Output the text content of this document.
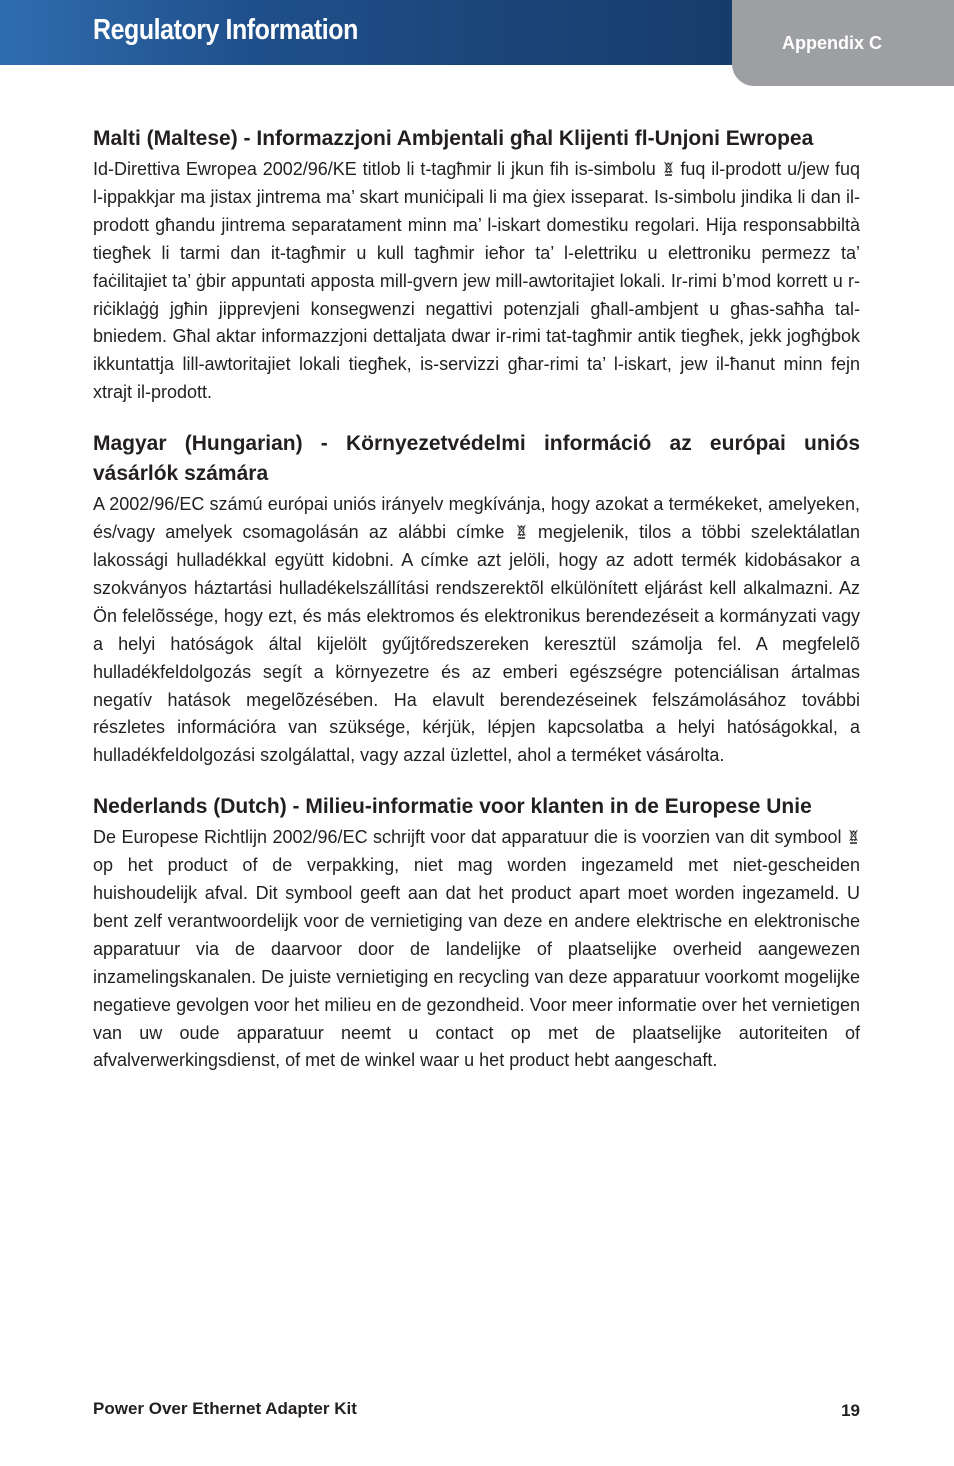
Regulatory Information	Appendix C
Malti (Maltese) - Informazzjoni Ambjentali għal Klijenti fl-Unjoni Ewropea

Id-Direttiva Ewropea 2002/96/KE titlob li t-tagħmir li jkun fih is-simbolu fuq il-prodott u/jew fuq l-ippakkjar ma jistax jintrema ma’ skart muniċipali li ma ġiex isseparat. Is-simbolu jindika li dan il-prodott għandu jintrema separatament minn ma’ l-iskart domestiku regolari. Hija responsabbiltà tiegħek li tarmi dan it-tagħmir u kull tagħmir ieħor ta’ l-elettriku u elettroniku permezz ta’ faċilitajiet ta’ ġbir appuntati apposta mill-gvern jew mill-awtoritajiet lokali. Ir-rimi b’mod korrett u r-riċiklaġġ jgħin jipprevjeni konsegwenzi negattivi potenzjali għall-ambjent u għas-saħħa tal-bniedem. Għal aktar informazzjoni dettaljata dwar ir-rimi tat-tagħmir antik tiegħek, jekk jogħġbok ikkuntattja lill-awtoritajiet lokali tiegħek, is-servizzi għar-rimi ta’ l-iskart, jew il-ħanut minn fejn xtrajt il-prodott.

Magyar (Hungarian) - Környezetvédelmi információ az európai uniós vásárlók számára

A 2002/96/EC számú európai uniós irányelv megkívánja, hogy azokat a termékeket, amelyeken, és/vagy amelyek csomagolásán az alábbi címke megjelenik, tilos a többi szelektálatlan lakossági hulladékkal együtt kidobni. A címke azt jelöli, hogy az adott termék kidobásakor a szokványos háztartási hulladékelszállítási rendszerektõl elkülönített eljárást kell alkalmazni. Az Ön felelõssége, hogy ezt, és más elektromos és elektronikus berendezéseit a kormányzati vagy a helyi hatóságok által kijelölt gyűjtőredszereken keresztül számolja fel. A megfelelõ hulladékfeldolgozás segít a környezetre és az emberi egészségre potenciálisan ártalmas negatív hatások megelõzésében. Ha elavult berendezéseinek felszámolásához további részletes információra van szüksége, kérjük, lépjen kapcsolatba a helyi hatóságokkal, a hulladékfeldolgozási szolgálattal, vagy azzal üzlettel, ahol a terméket vásárolta.

Nederlands (Dutch) - Milieu-informatie voor klanten in de Europese Unie

De Europese Richtlijn 2002/96/EC schrijft voor dat apparatuur die is voorzien van dit symbool
op het product of de verpakking, niet mag worden ingezameld met niet-gescheiden huishoudelijk afval. Dit symbool geeft aan dat het product apart moet worden ingezameld. U bent zelf verantwoordelijk voor de vernietiging van deze en andere elektrische en elektronische apparatuur via de daarvoor door de landelijke of plaatselijke overheid aangewezen inzamelingskanalen. De juiste vernietiging en recycling van deze apparatuur voorkomt mogelijke negatieve gevolgen voor het milieu en de gezondheid. Voor meer informatie over het vernietigen van uw oude apparatuur neemt u contact op met de plaatselijke autoriteiten of afvalverwerkingsdienst, of met de winkel waar u het product hebt aangeschaft.

Power Over Ethernet Adapter Kit	19
